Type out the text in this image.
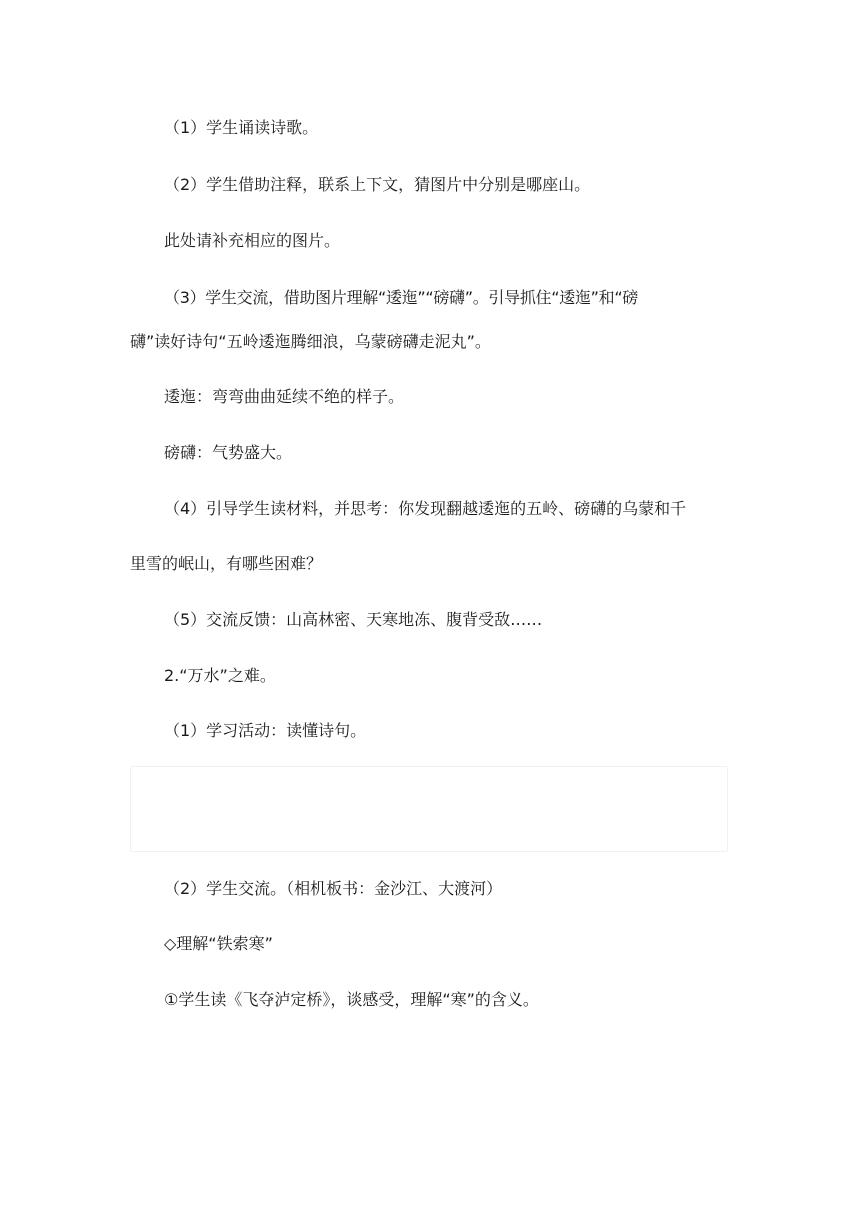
（1）学生诵读诗歌。
（2）学生借助注释，联系上下文，猜图片中分别是哪座山。
此处请补充相应的图片。
（3）学生交流，借助图片理解“逶迤”“磅礴”。引导抓住“逶迤”和“磅
礴”读好诗句“五岭逶迤腾细浪，乌蒙磅礴走泥丸”。
逶迤：弯弯曲曲延续不绝的样子。
磅礴：气势盛大。
（4）引导学生读材料，并思考：你发现翻越逶迤的五岭、磅礴的乌蒙和千
里雪的岷山，有哪些困难？
（5）交流反馈：山高林密、天寒地冻、腹背受敌……
2.“万水”之难。
（1）学习活动：读懂诗句。
（2）学生交流。（相机板书：金沙江、大渡河）
◇理解“铁索寒”
①学生读《飞夺泸定桥》，谈感受，理解“寒”的含义。
